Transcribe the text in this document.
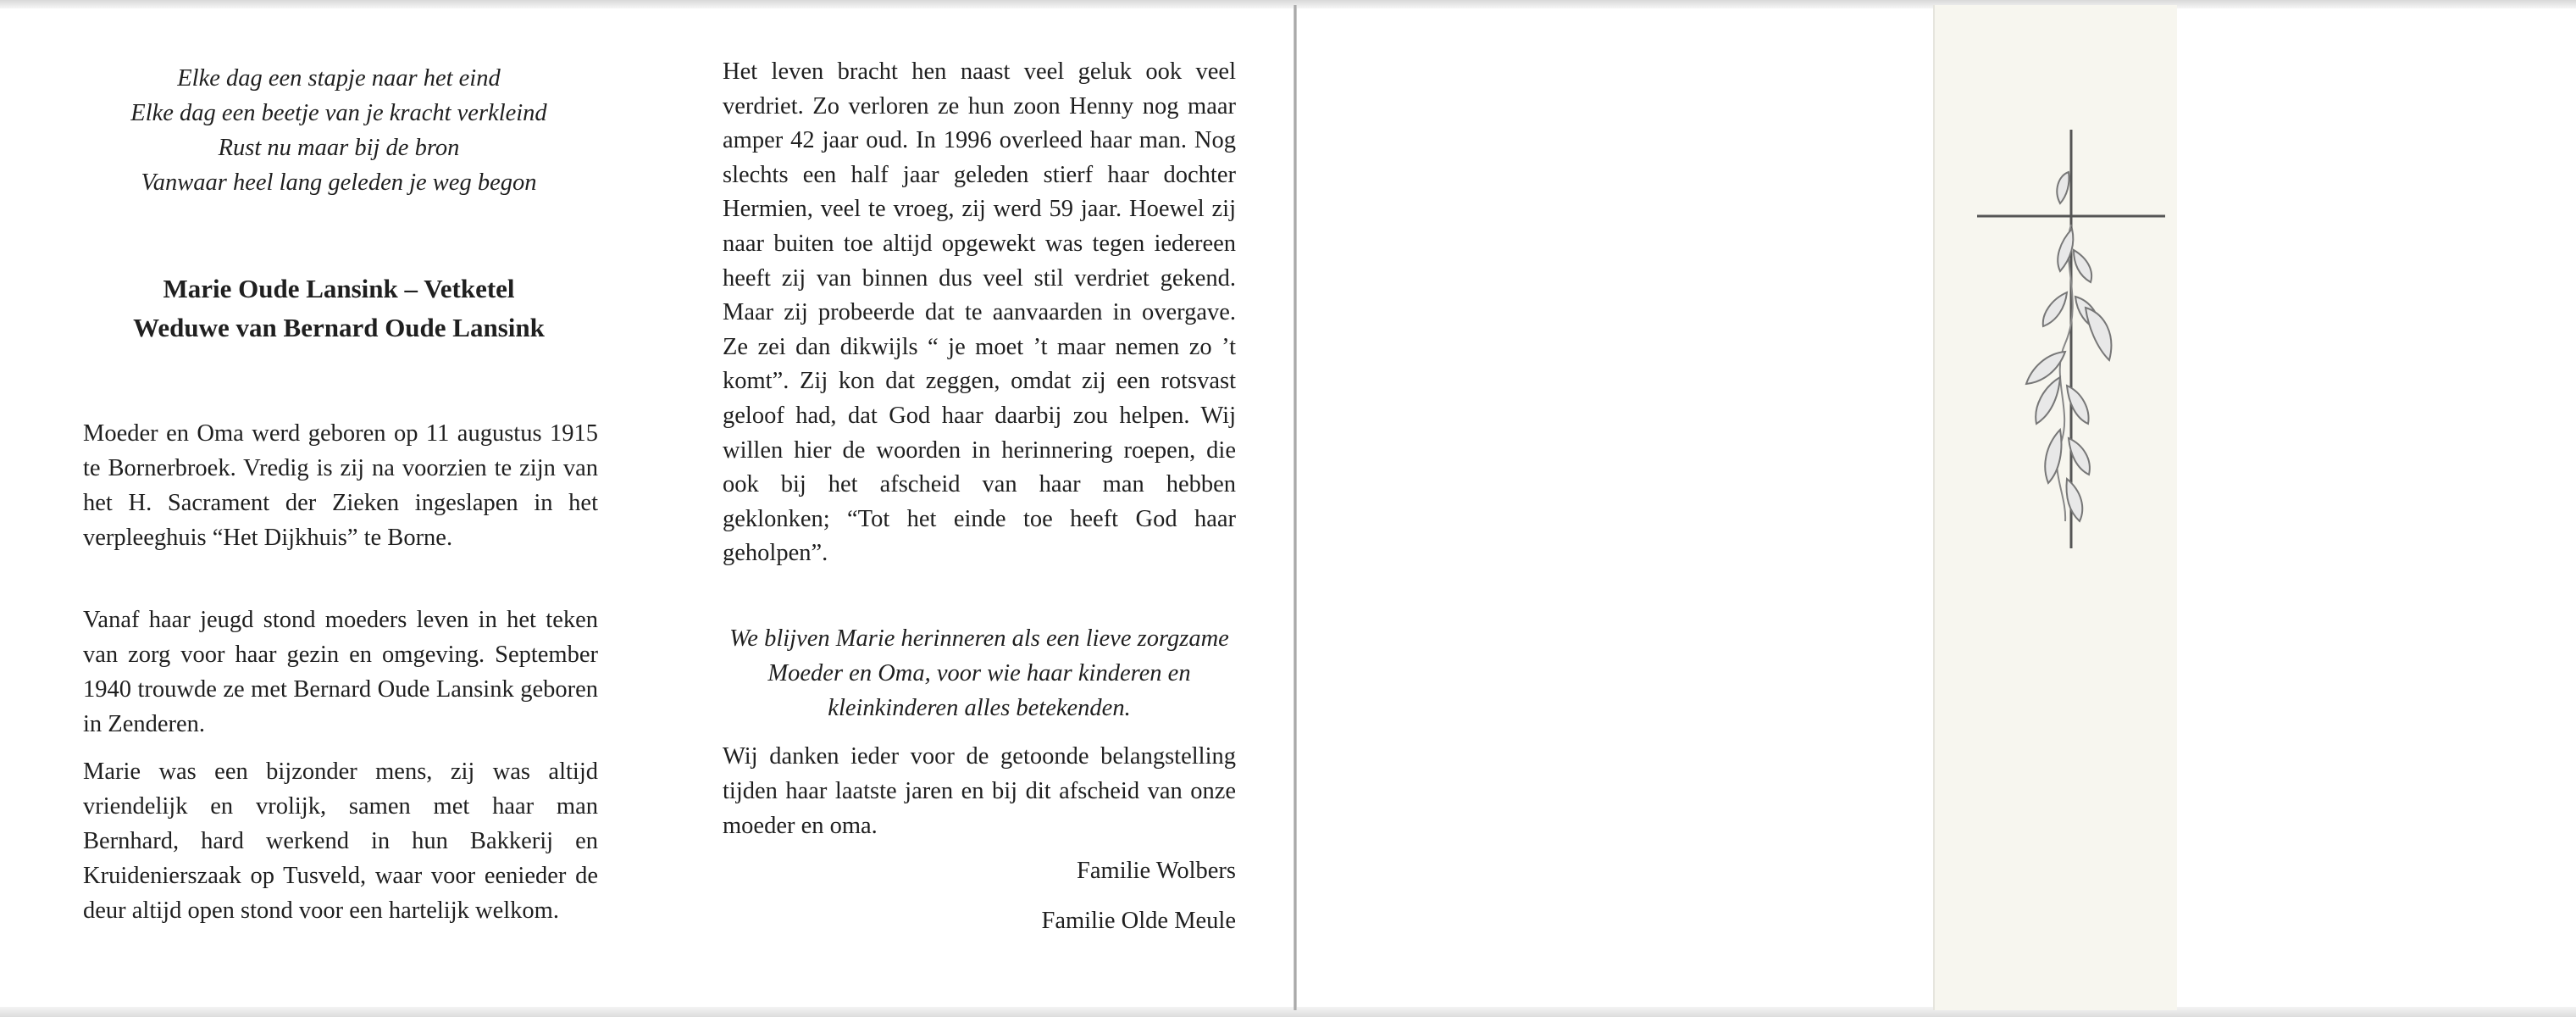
Elke dag een stapje naar het eind
Elke dag een beetje van je kracht verkleind
Rust nu maar bij de bron
Vanwaar heel lang geleden je weg begon
Marie Oude Lansink – Vetketel
Weduwe van Bernard Oude Lansink
Moeder en Oma werd geboren op 11 augustus 1915 te Bornerbroek. Vredig is zij na voorzien te zijn van het H. Sacrament der Zieken ingeslapen in het verpleeghuis “Het Dijkhuis” te Borne.
Vanaf haar jeugd stond moeders leven in het teken van zorg voor haar gezin en omgeving. September 1940 trouwde ze met Bernard Oude Lansink geboren in Zenderen.
Marie was een bijzonder mens, zij was altijd vriendelijk en vrolijk, samen met haar man Bernhard, hard werkend in hun Bakkerij en Kruidenierszaak op Tusveld, waar voor eenieder de deur altijd open stond voor een hartelijk welkom.
Het leven bracht hen naast veel geluk ook veel verdriet. Zo verloren ze hun zoon Henny nog maar amper 42 jaar oud. In 1996 overleed haar man. Nog slechts een half jaar geleden stierf haar dochter Hermien, veel te vroeg, zij werd 59 jaar. Hoewel zij naar buiten toe altijd opgewekt was tegen iedereen heeft zij van binnen dus veel stil verdriet gekend. Maar zij probeerde dat te aanvaarden in overgave. Ze zei dan dikwijls “ je moet ’t maar nemen zo ’t komt”. Zij kon dat zeggen, omdat zij een rotsvast geloof had, dat God haar daarbij zou helpen. Wij willen hier de woorden in herinnering roepen, die ook bij het afscheid van haar man hebben geklonken; “Tot het einde toe heeft God haar geholpen”.
We blijven Marie herinneren als een lieve zorgzame Moeder en Oma, voor wie haar kinderen en kleinkinderen alles betekenden.
Wij danken ieder voor de getoonde belangstelling tijden haar laatste jaren en bij dit afscheid van onze moeder en oma.
Familie Wolbers
Familie Olde Meule
